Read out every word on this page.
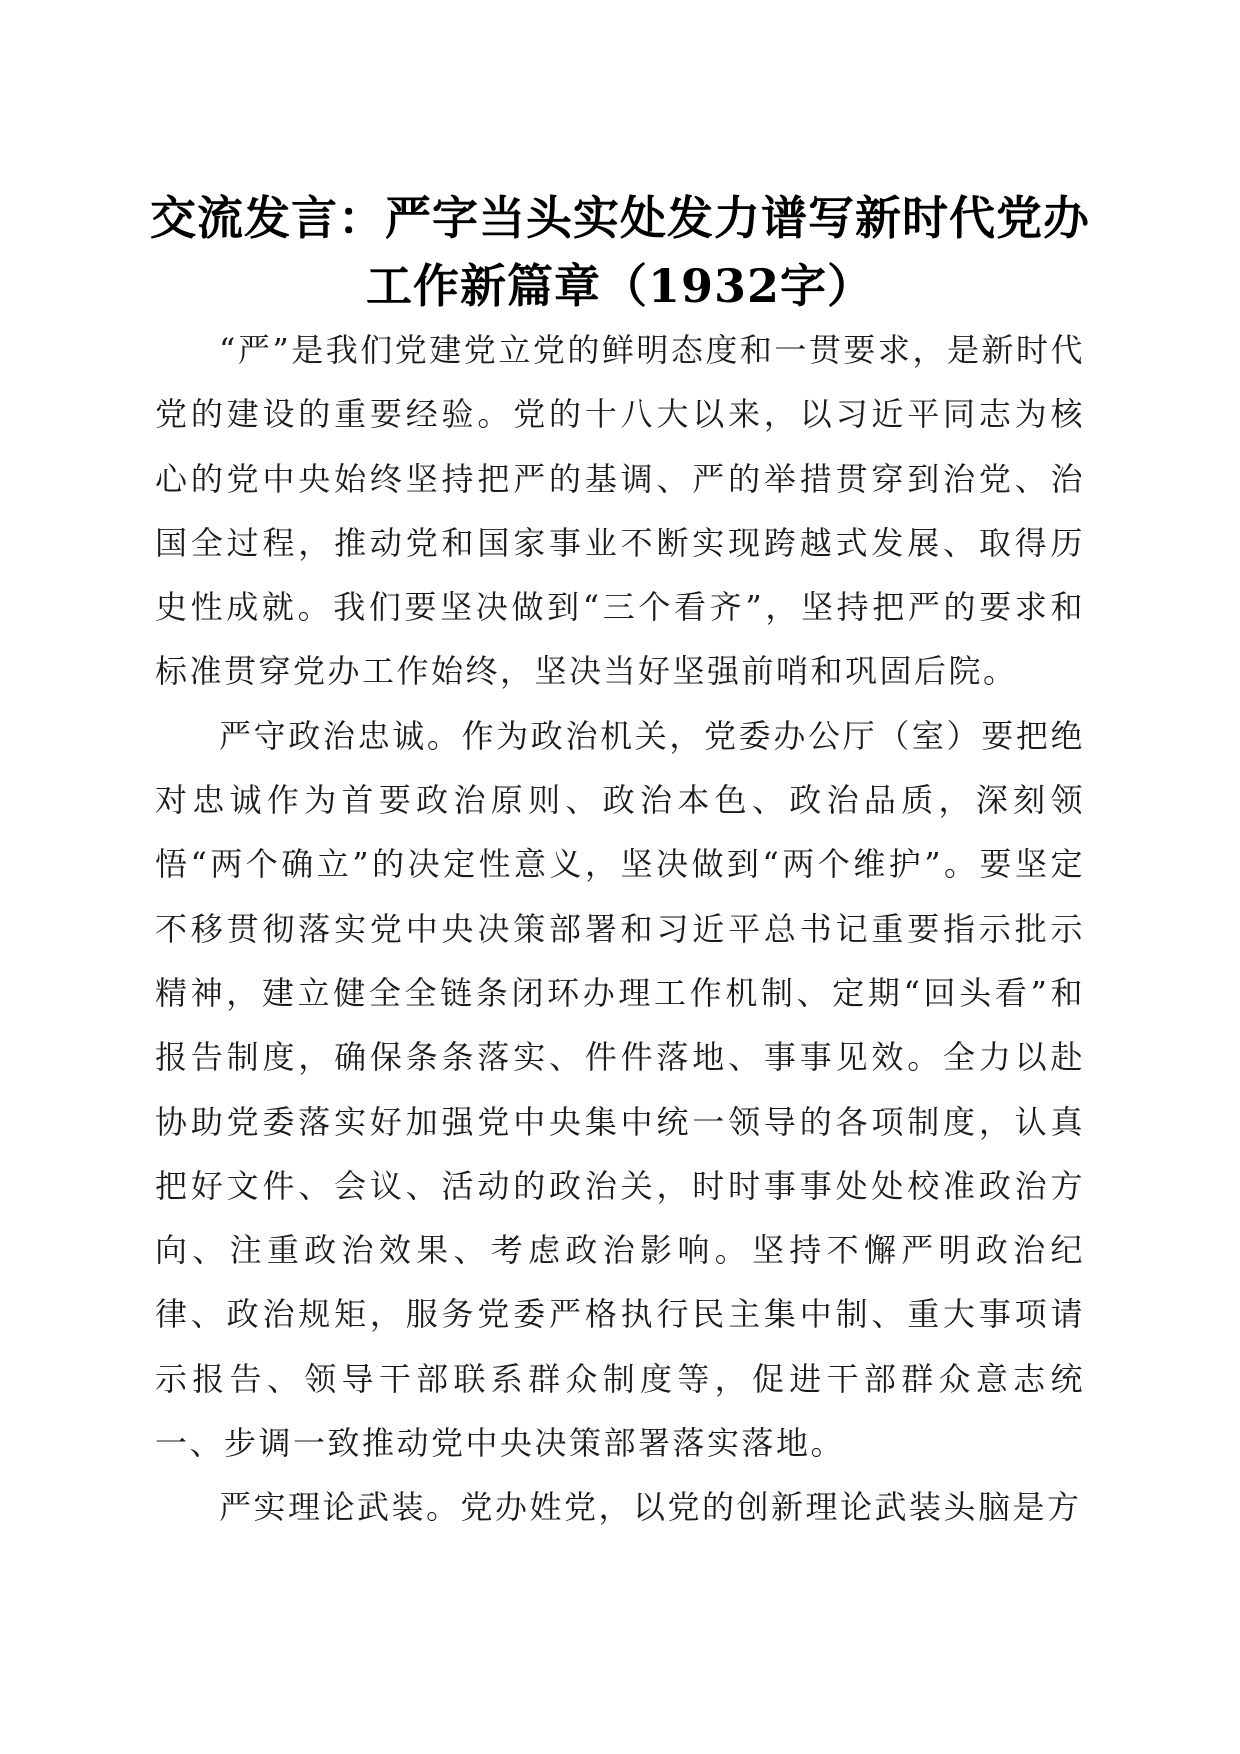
交流发言：严字当头实处发力谱写新时代党办
工作新篇章（1932字）

“严”是我们党建党立党的鲜明态度和一贯要求，是新时代党的建设的重要经验。党的十八大以来，以习近平同志为核心的党中央始终坚持把严的基调、严的举措贯穿到治党、治国全过程，推动党和国家事业不断实现跨越式发展、取得历史性成就。我们要坚决做到“三个看齐”，坚持把严的要求和标准贯穿党办工作始终，坚决当好坚强前哨和巩固后院。

严守政治忠诚。作为政治机关，党委办公厅（室）要把绝对忠诚作为首要政治原则、政治本色、政治品质，深刻领悟“两个确立”的决定性意义，坚决做到“两个维护”。要坚定不移贯彻落实党中央决策部署和习近平总书记重要指示批示精神，建立健全全链条闭环办理工作机制、定期“回头看”和报告制度，确保条条落实、件件落地、事事见效。全力以赴协助党委落实好加强党中央集中统一领导的各项制度，认真把好文件、会议、活动的政治关，时时事事处处校准政治方向、注重政治效果、考虑政治影响。坚持不懈严明政治纪律、政治规矩，服务党委严格执行民主集中制、重大事项请示报告、领导干部联系群众制度等，促进干部群众意志统一、步调一致推动党中央决策部署落实落地。

严实理论武装。党办姓党，以党的创新理论武装头脑是方
